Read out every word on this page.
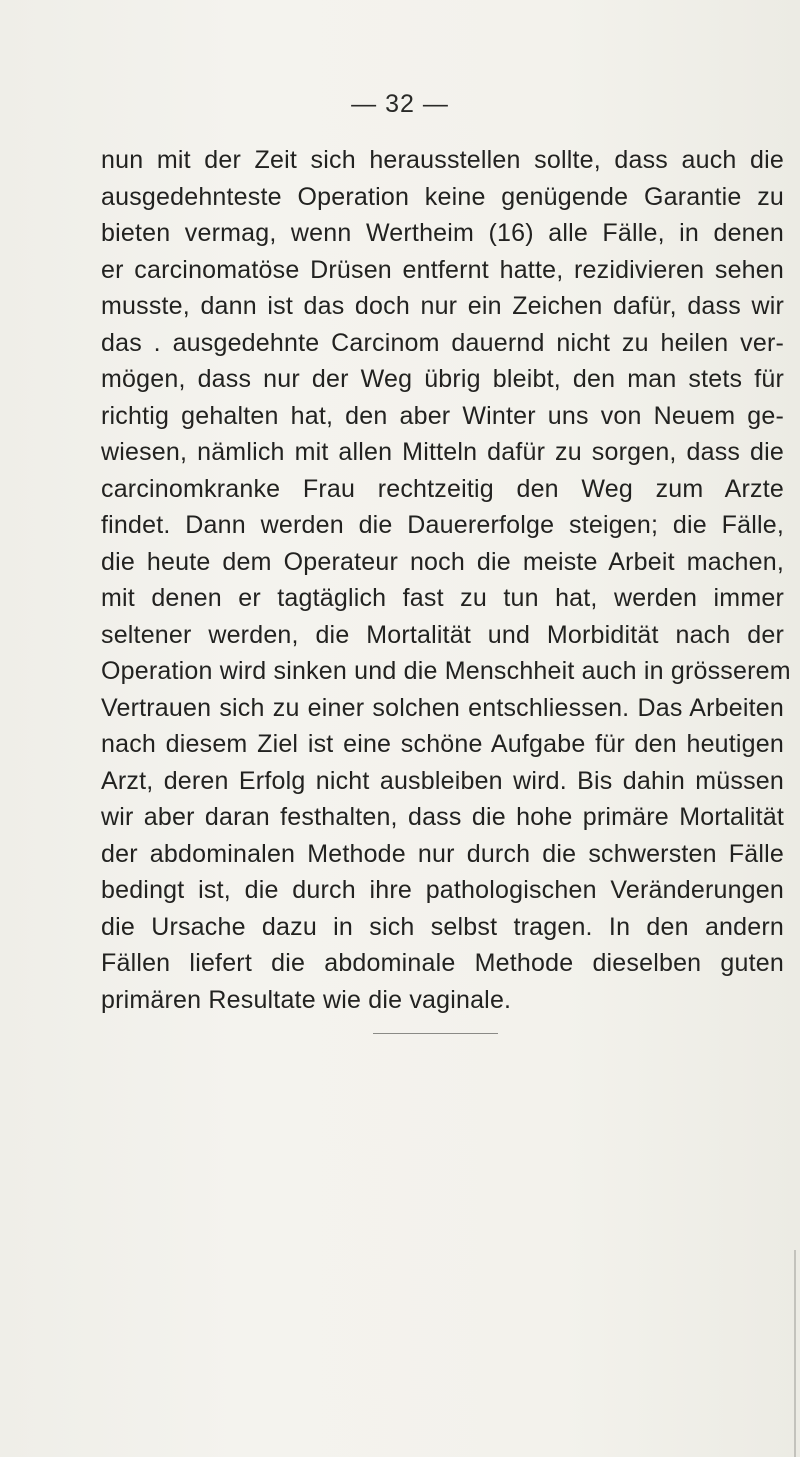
— 32 —
nun mit der Zeit sich herausstellen sollte, dass auch die
ausgedehnteste Operation keine genügende Garantie zu
bieten vermag, wenn Wertheim (16) alle Fälle, in denen
er carcinomatöse Drüsen entfernt hatte, rezidivieren sehen
musste, dann ist das doch nur ein Zeichen dafür, dass wir
das . ausgedehnte Carcinom dauernd nicht zu heilen ver-
mögen, dass nur der Weg übrig bleibt, den man stets für
richtig gehalten hat, den aber Winter uns von Neuem ge-
wiesen, nämlich mit allen Mitteln dafür zu sorgen, dass die
carcinomkranke Frau rechtzeitig den Weg zum Arzte
findet. Dann werden die Dauererfolge steigen; die Fälle,
die heute dem Operateur noch die meiste Arbeit machen,
mit denen er tagtäglich fast zu tun hat, werden immer
seltener werden, die Mortalität und Morbidität nach der
Operation wird sinken und die Menschheit auch in grösserem
Vertrauen sich zu einer solchen entschliessen. Das Arbeiten
nach diesem Ziel ist eine schöne Aufgabe für den heutigen
Arzt, deren Erfolg nicht ausbleiben wird. Bis dahin müssen
wir aber daran festhalten, dass die hohe primäre Mortalität
der abdominalen Methode nur durch die schwersten Fälle
bedingt ist, die durch ihre pathologischen Veränderungen
die Ursache dazu in sich selbst tragen. In den andern
Fällen liefert die abdominale Methode dieselben guten
primären Resultate wie die vaginale.
